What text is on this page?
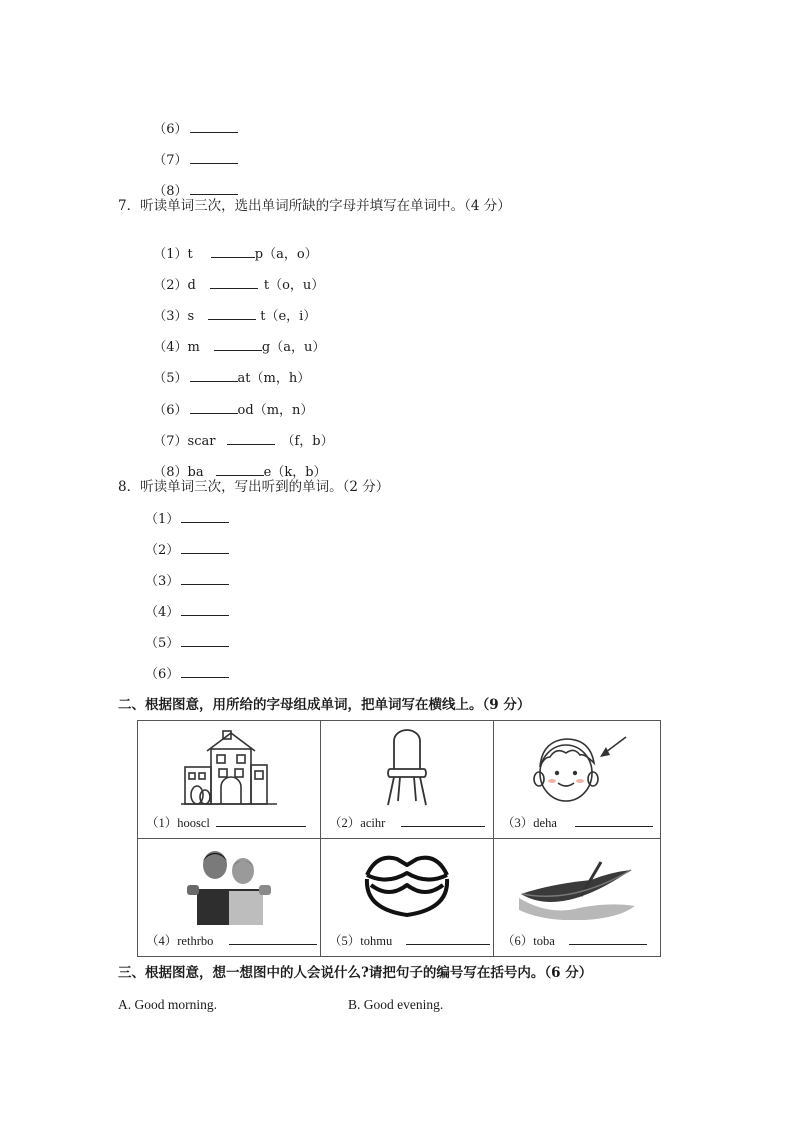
（6）

（7）

（8）

7．听读单词三次，选出单词所缺的字母并填写在单词中。（4 分）

（1）t	p（a，o）

（2）d	t（o，u）

（3）s	t（e，i）

（4）m	g（a，u）

（5）	at（m，h）

（6）	od（m，n）

（7）scar	（f，b）

（8）ba	e（k，b）

8．听读单词三次，写出听到的单词。（2 分）
（1）
（2）
（3）
（4）
（5）
（6）
二、根据图意，用所给的字母组成单词，把单词写在横线上。（9 分）
（1）hooscl	（2）acihr	（3）deha

（4）rethrbo	（5）tohmu	（6）toba
三、根据图意，想一想图中的人会说什么?请把句子的编号写在括号内。（6 分）
A. Good morning.	B. Good evening.
